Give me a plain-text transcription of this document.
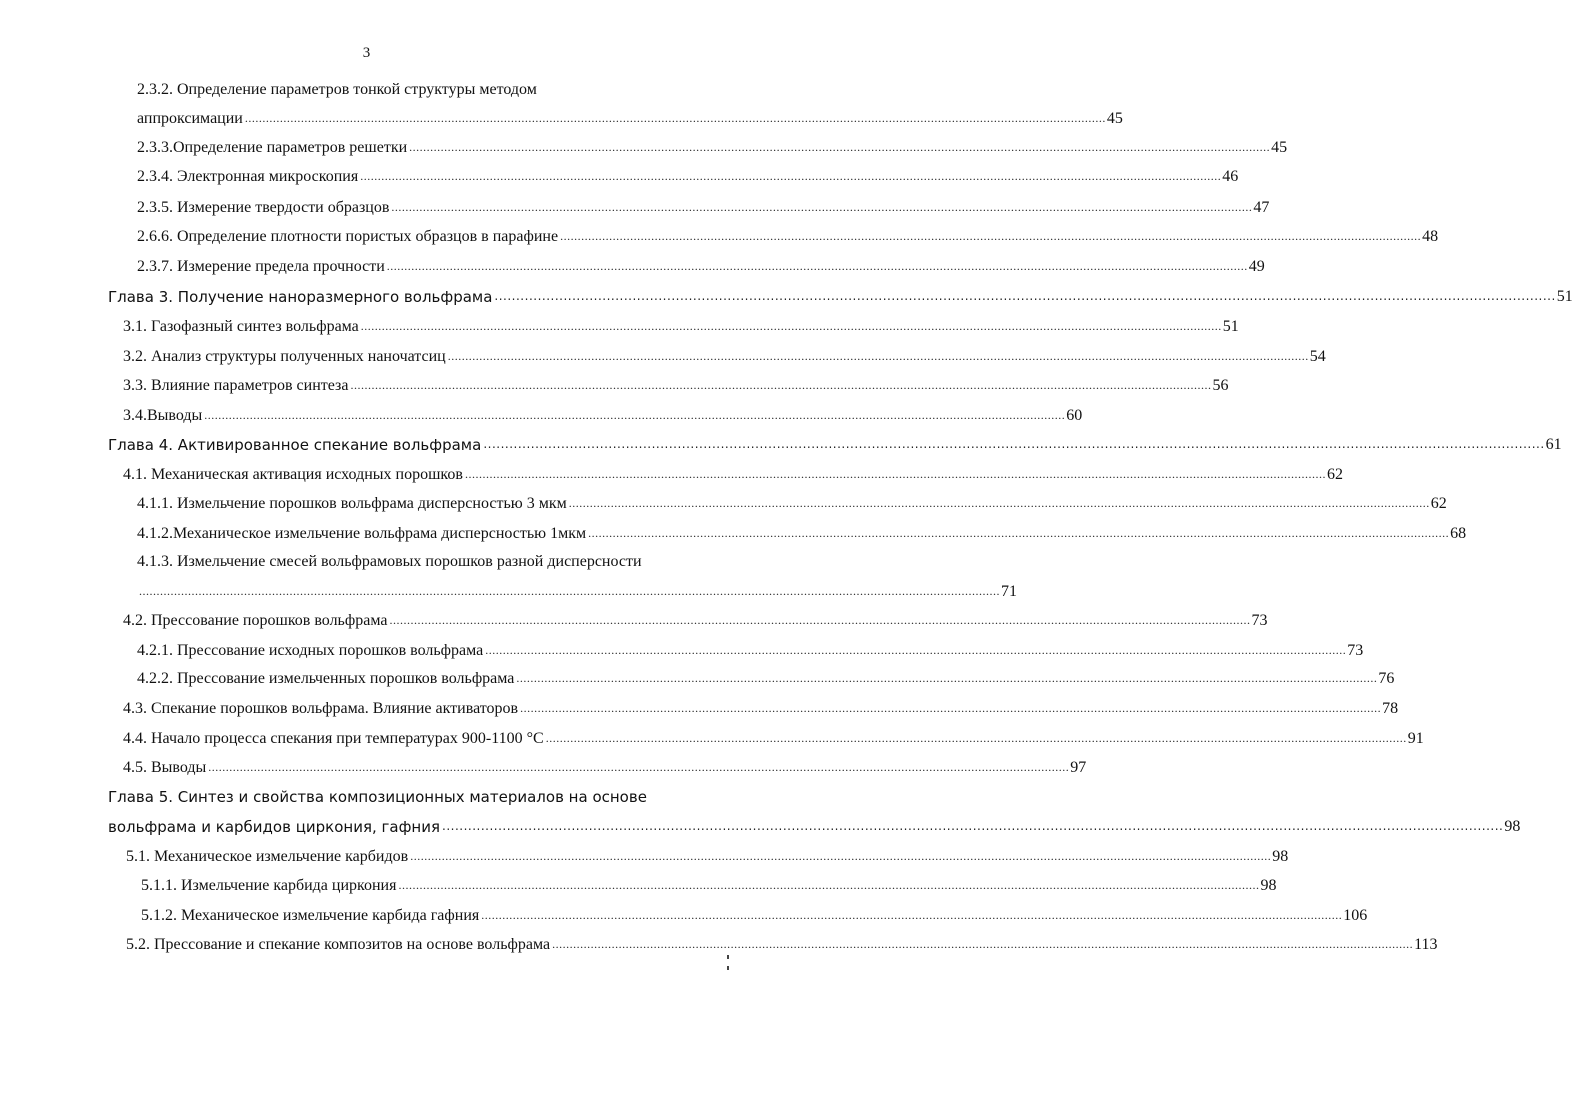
3
2.3.2. Определение параметров тонкой структуры методом
аппроксимации ...................................................................................................................................................................................................................................................... 45
2.3.3.Определение параметров решетки ...................................................................................................................................................................................................................................................... 45
2.3.4. Электронная микроскопия ...................................................................................................................................................................................................................................................... 46
2.3.5. Измерение твердости образцов ...................................................................................................................................................................................................................................................... 47
2.6.6. Определение плотности пористых образцов в парафине ...................................................................................................................................................................................................................................................... 48
2.3.7. Измерение предела прочности ...................................................................................................................................................................................................................................................... 49
Глава 3. Получение наноразмерного вольфрама ...................................................................................................................................................................................................................................................... 51
3.1. Газофазный синтез вольфрама ...................................................................................................................................................................................................................................................... 51
3.2. Анализ структуры полученных наночатсиц ...................................................................................................................................................................................................................................................... 54
3.3. Влияние параметров синтеза ...................................................................................................................................................................................................................................................... 56
3.4.Выводы ...................................................................................................................................................................................................................................................... 60
Глава 4. Активированное спекание вольфрама ...................................................................................................................................................................................................................................................... 61
4.1. Механическая активация исходных порошков ...................................................................................................................................................................................................................................................... 62
4.1.1. Измельчение порошков вольфрама дисперсностью 3 мкм ...................................................................................................................................................................................................................................................... 62
4.1.2.Механическое измельчение вольфрама дисперсностью 1мкм ...................................................................................................................................................................................................................................................... 68
4.1.3. Измельчение смесей вольфрамовых порошков разной дисперсности
...................................................................................................................................................................................................................................................... 71
4.2. Прессование порошков вольфрама ...................................................................................................................................................................................................................................................... 73
4.2.1. Прессование исходных порошков вольфрама ...................................................................................................................................................................................................................................................... 73
4.2.2. Прессование измельченных порошков вольфрама ...................................................................................................................................................................................................................................................... 76
4.3. Спекание порошков вольфрама. Влияние активаторов ...................................................................................................................................................................................................................................................... 78
4.4. Начало процесса спекания при температурах 900-1100 °С ...................................................................................................................................................................................................................................................... 91
4.5. Выводы ...................................................................................................................................................................................................................................................... 97
Глава 5. Синтез и свойства композиционных материалов на основе
вольфрама и карбидов циркония, гафния ...................................................................................................................................................................................................................................................... 98
5.1. Механическое измельчение карбидов ...................................................................................................................................................................................................................................................... 98
5.1.1. Измельчение карбида циркония ...................................................................................................................................................................................................................................................... 98
5.1.2. Механическое измельчение карбида гафния ...................................................................................................................................................................................................................................................... 106
5.2. Прессование и спекание композитов на основе вольфрама ...................................................................................................................................................................................................................................................... 113
